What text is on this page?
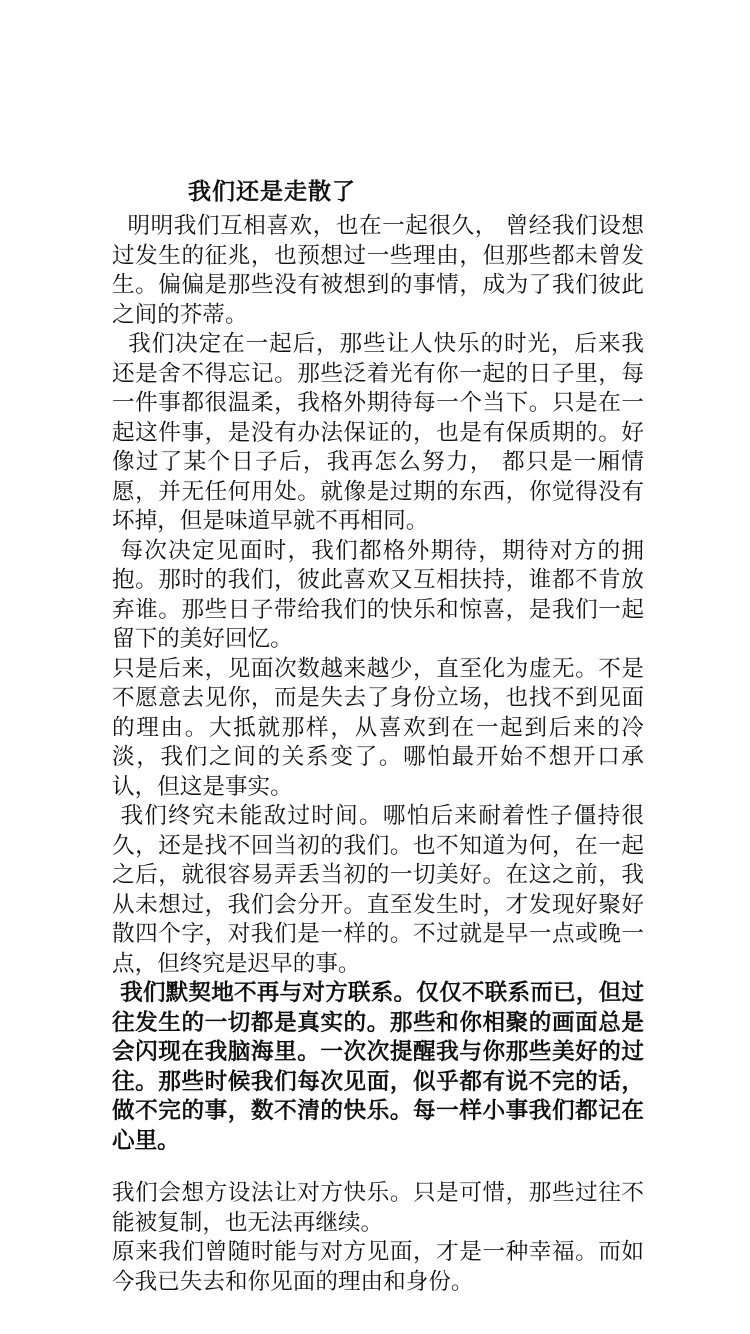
我们还是走散了

明明我们互相喜欢，也在一起很久， 曾经我们设想过发生的征兆，也预想过一些理由，但那些都未曾发生。偏偏是那些没有被想到的事情，成为了我们彼此之间的芥蒂。

我们决定在一起后，那些让人快乐的时光，后来我还是舍不得忘记。那些泛着光有你一起的日子里，每一件事都很温柔，我格外期待每一个当下。只是在一起这件事，是没有办法保证的，也是有保质期的。好像过了某个日子后，我再怎么努力， 都只是一厢情愿，并无任何用处。就像是过期的东西，你觉得没有坏掉，但是味道早就不再相同。

每次决定见面时，我们都格外期待，期待对方的拥抱。那时的我们，彼此喜欢又互相扶持，谁都不肯放弃谁。那些日子带给我们的快乐和惊喜，是我们一起留下的美好回忆。

只是后来，见面次数越来越少，直至化为虚无。不是不愿意去见你，而是失去了身份立场，也找不到见面的理由。大抵就那样，从喜欢到在一起到后来的冷淡，我们之间的关系变了。哪怕最开始不想开口承认，但这是事实。

我们终究未能敌过时间。哪怕后来耐着性子僵持很久，还是找不回当初的我们。也不知道为何，在一起之后，就很容易弄丢当初的一切美好。在这之前，我从未想过，我们会分开。直至发生时，才发现好聚好散四个字，对我们是一样的。不过就是早一点或晚一点，但终究是迟早的事。

我们默契地不再与对方联系。仅仅不联系而已，但过往发生的一切都是真实的。那些和你相聚的画面总是会闪现在我脑海里。一次次提醒我与你那些美好的过往。那些时候我们每次见面，似乎都有说不完的话，做不完的事，数不清的快乐。每一样小事我们都记在心里。

我们会想方设法让对方快乐。只是可惜，那些过往不能被复制，也无法再继续。

原来我们曾随时能与对方见面，才是一种幸福。而如今我已失去和你见面的理由和身份。
